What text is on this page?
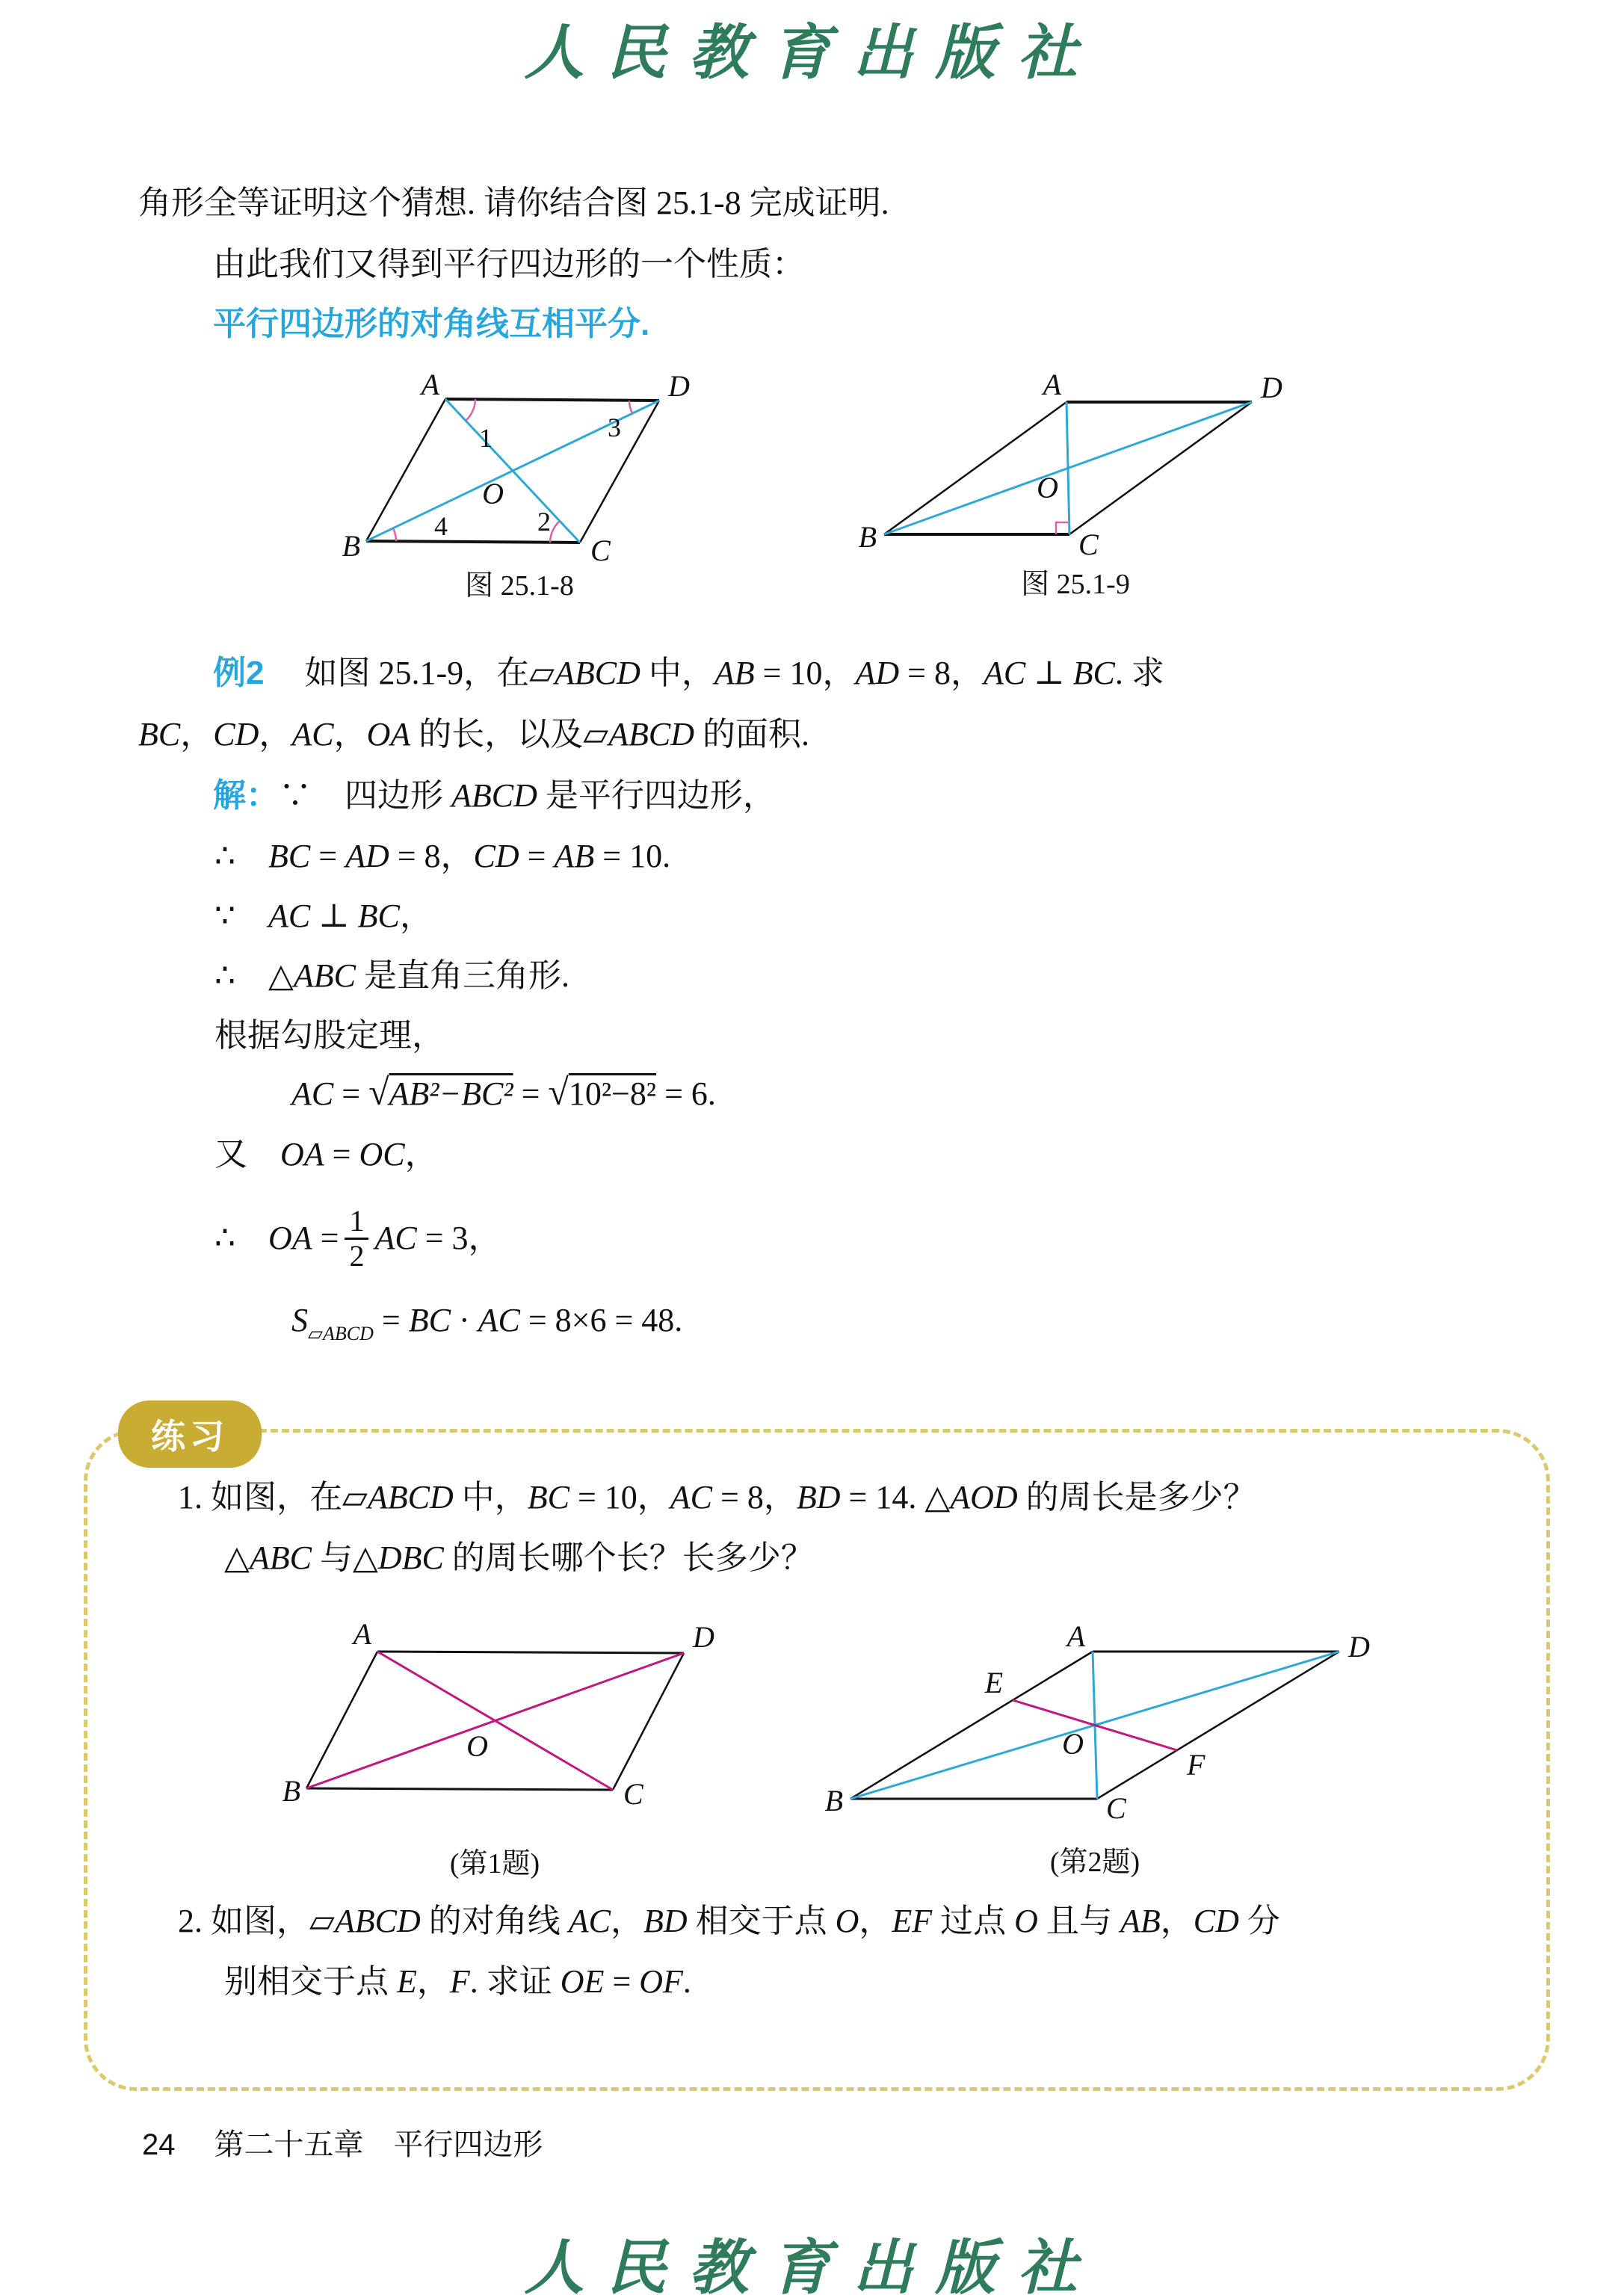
人民教育出版社
角形全等证明这个猜想. 请你结合图 25.1-8 完成证明.
由此我们又得到平行四边形的一个性质：
平行四边形的对角线互相平分.
A	D
B	C
O
1	3
4	2
图 25.1-8
A	D
B	C
O
图 25.1-9
例2 如图 25.1-9，在▱ABCD 中，AB = 10，AD = 8，AC ⊥ BC. 求
BC，CD，AC，OA 的长，以及▱ABCD 的面积.
解：∵　四边形 ABCD 是平行四边形，
∴　BC = AD = 8，CD = AB = 10.
∵　AC ⊥ BC，
∴　△ABC 是直角三角形.
根据勾股定理，
AC = √AB²−BC² = √10²−8² = 6.
又　OA = OC，
∴　OA = $\frac{1}{2}$ AC = 3，
$S_{▱ABCD}$ = BC · AC = 8×6 = 48.
练习
1. 如图，在▱ABCD 中，BC = 10，AC = 8，BD = 14. △AOD 的周长是多少？
△ABC 与△DBC 的周长哪个长？长多少？
A	D
B	C
O
(第1题)
A	D
B	C
E
F
O
(第2题)
2. 如图，▱ABCD 的对角线 AC，BD 相交于点 O，EF 过点 O 且与 AB，CD 分
别相交于点 E，F. 求证 OE = OF.
24 第二十五章　平行四边形
人民教育出版社
